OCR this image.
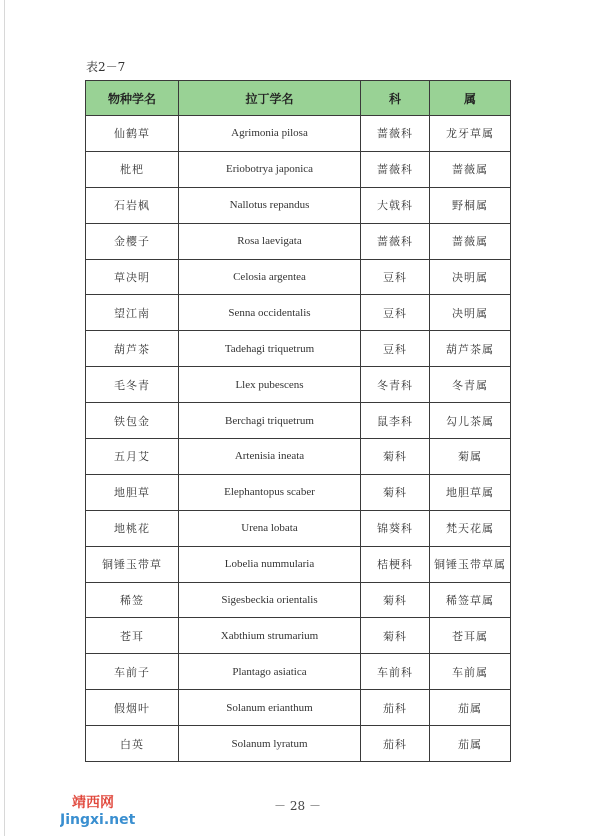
表2－7
物种学名	拉丁学名	科	属
仙鹤草	Agrimonia pilosa	蔷薇科	龙牙草属
枇杷	Eriobotrya japonica	蔷薇科	蔷薇属
石岩枫	Nallotus repandus	大戟科	野桐属
金樱子	Rosa laevigata	蔷薇科	蔷薇属
草决明	Celosia argentea	豆科	决明属
望江南	Senna occidentalis	豆科	决明属
葫芦茶	Tadehagi triquetrum	豆科	葫芦茶属
毛冬青	Llex pubescens	冬青科	冬青属
铁包金	Berchagi triquetrum	鼠李科	勾儿茶属
五月艾	Artenisia ineata	菊科	菊属
地胆草	Elephantopus scaber	菊科	地胆草属
地桃花	Urena lobata	锦葵科	梵天花属
铜锤玉带草	Lobelia nummularia	桔梗科	铜锤玉带草属
稀签	Sigesbeckia orientalis	菊科	稀签草属
苍耳	Xabthium strumarium	菊科	苍耳属
车前子	Plantago asiatica	车前科	车前属
假烟叶	Solanum erianthum	茄科	茄属
白英	Solanum lyratum	茄科	茄属
－ 28 －
靖西网
Jingxi.net
